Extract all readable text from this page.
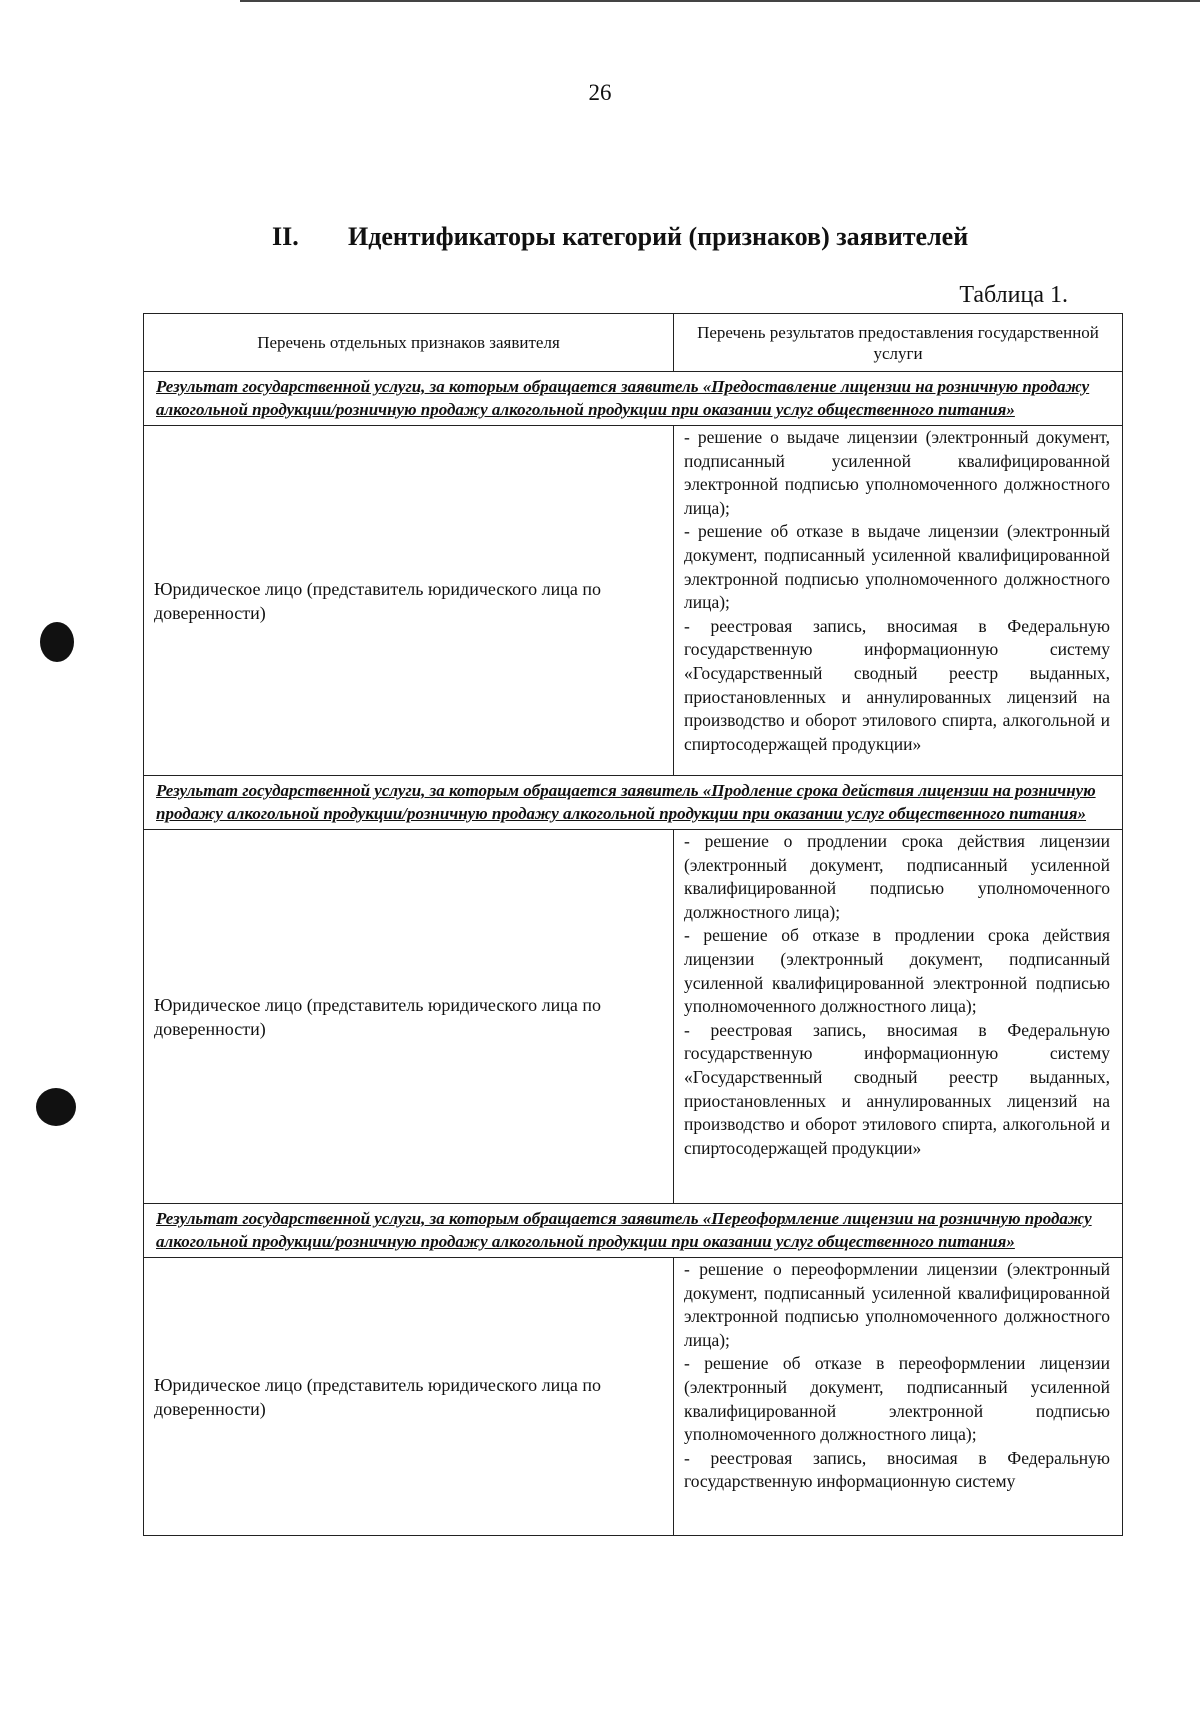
26
II. Идентификаторы категорий (признаков) заявителей
Таблица 1.
Перечень отдельных признаков заявителя	Перечень результатов предоставления государственной услуги
Результат государственной услуги, за которым обращается заявитель «Предоставление лицензии на розничную продажу алкогольной продукции/розничную продажу алкогольной продукции при оказании услуг общественного питания»	
Юридическое лицо (представитель юридического лица по доверенности)	- решение о выдаче лицензии (электронный документ, подписанный усиленной квалифицированной электронной подписью уполномоченного должностного лица);
- решение об отказе в выдаче лицензии (электронный документ, подписанный усиленной квалифицированной электронной подписью уполномоченного должностного лица);
- реестровая запись, вносимая в Федеральную государственную информационную систему «Государственный сводный реестр выданных, приостановленных и аннулированных лицензий на производство и оборот этилового спирта, алкогольной и спиртосодержащей продукции»

Результат государственной услуги, за которым обращается заявитель «Продление срока действия лицензии на розничную продажу алкогольной продукции/розничную продажу алкогольной продукции при оказании услуг общественного питания»	
Юридическое лицо (представитель юридического лица по доверенности)	- решение о продлении срока действия лицензии (электронный документ, подписанный усиленной квалифицированной подписью уполномоченного должностного лица);
- решение об отказе в продлении срока действия лицензии (электронный документ, подписанный усиленной квалифицированной электронной подписью уполномоченного должностного лица);
- реестровая запись, вносимая в Федеральную государственную информационную систему «Государственный сводный реестр выданных, приостановленных и аннулированных лицензий на производство и оборот этилового спирта, алкогольной и спиртосодержащей продукции»

Результат государственной услуги, за которым обращается заявитель «Переоформление лицензии на розничную продажу алкогольной продукции/розничную продажу алкогольной продукции при оказании услуг общественного питания»	
Юридическое лицо (представитель юридического лица по доверенности)	- решение о переоформлении лицензии (электронный документ, подписанный усиленной квалифицированной электронной подписью уполномоченного должностного лица);
- решение об отказе в переоформлении лицензии (электронный документ, подписанный усиленной квалифицированной электронной подписью уполномоченного должностного лица);
- реестровая запись, вносимая в Федеральную государственную информационную систему
